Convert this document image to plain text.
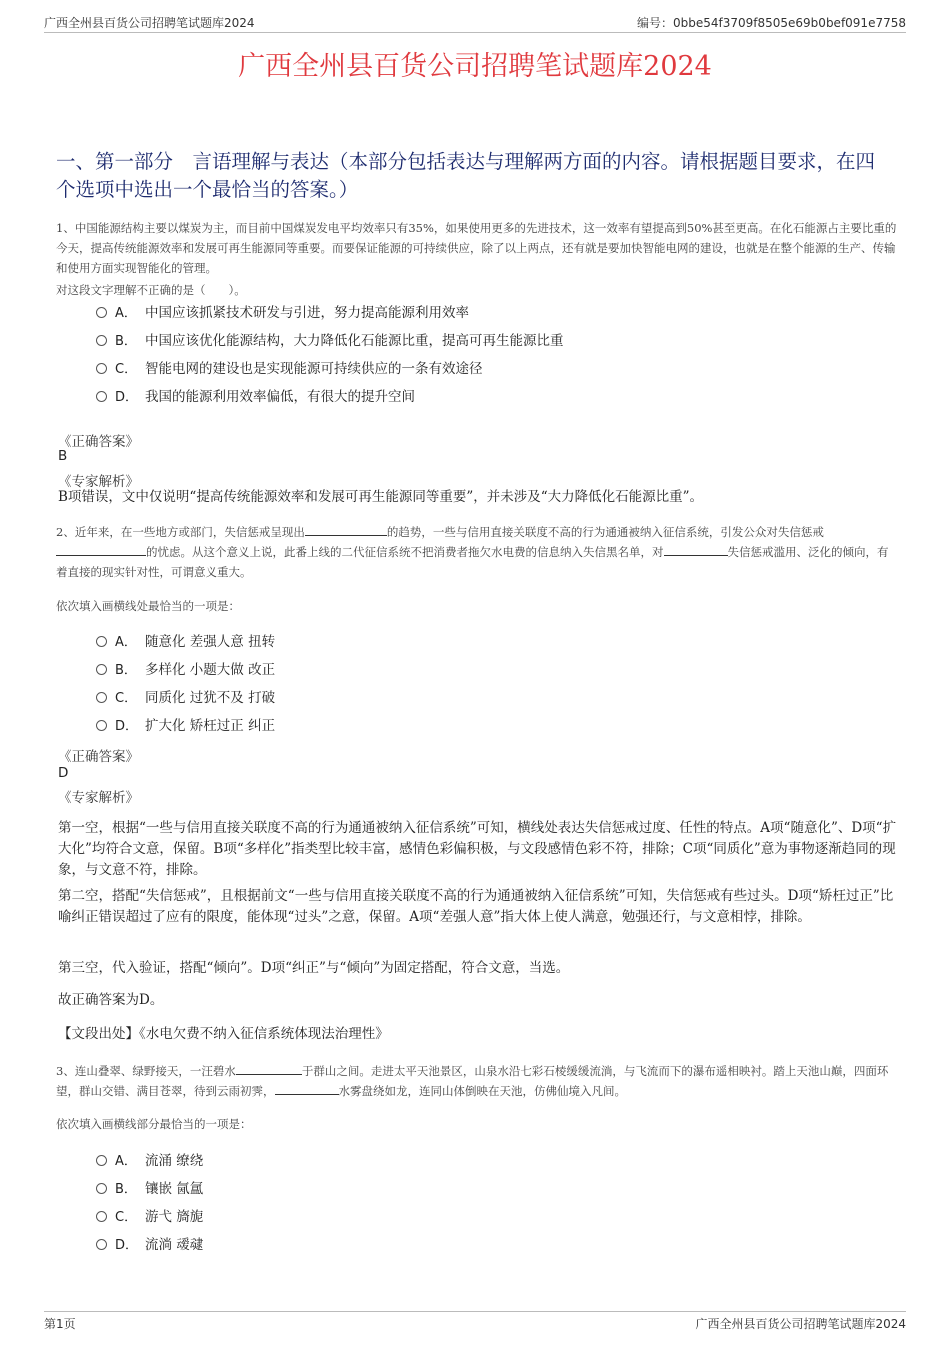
广西全州县百货公司招聘笔试题库2024	编号：0bbe54f3709f8505e69b0bef091e7758
广西全州县百货公司招聘笔试题库2024
一、第一部分　言语理解与表达（本部分包括表达与理解两方面的内容。请根据题目要求，在四个选项中选出一个最恰当的答案。）
1、中国能源结构主要以煤炭为主，而目前中国煤炭发电平均效率只有35%，如果使用更多的先进技术，这一效率有望提高到50%甚至更高。在化石能源占主要比重的今天，提高传统能源效率和发展可再生能源同等重要。而要保证能源的可持续供应，除了以上两点，还有就是要加快智能电网的建设，也就是在整个能源的生产、传输和使用方面实现智能化的管理。
对这段文字理解不正确的是（　　）。
A． 中国应该抓紧技术研发与引进，努力提高能源利用效率
B． 中国应该优化能源结构，大力降低化石能源比重，提高可再生能源比重
C． 智能电网的建设也是实现能源可持续供应的一条有效途径
D． 我国的能源利用效率偏低，有很大的提升空间
《正确答案》
B
《专家解析》
B项错误，文中仅说明“提高传统能源效率和发展可再生能源同等重要”，并未涉及“大力降低化石能源比重”。
2、近年来，在一些地方或部门，失信惩戒呈现出	的趋势，一些与信用直接关联度不高的行为通通被纳入征信系统，引发公众对失信惩戒的忧虑。从这个意义上说，此番上线的二代征信系统不把消费者拖欠水电费的信息纳入失信黑名单，对	失信惩戒滥用、泛化的倾向，有着直接的现实针对性，可谓意义重大。
依次填入画横线处最恰当的一项是：
A． 随意化 差强人意 扭转
B． 多样化 小题大做 改正
C． 同质化 过犹不及 打破
D． 扩大化 矫枉过正 纠正
《正确答案》
D
《专家解析》
第一空，根据“一些与信用直接关联度不高的行为通通被纳入征信系统”可知，横线处表达失信惩戒过度、任性的特点。A项“随意化”、D项“扩大化”均符合文意，保留。B项“多样化”指类型比较丰富，感情色彩偏积极，与文段感情色彩不符，排除；C项“同质化”意为事物逐渐趋同的现象，与文意不符，排除。
第二空，搭配“失信惩戒”，且根据前文“一些与信用直接关联度不高的行为通通被纳入征信系统”可知，失信惩戒有些过头。D项“矫枉过正”比喻纠正错误超过了应有的限度，能体现“过头”之意，保留。A项“差强人意”指大体上使人满意，勉强还行，与文意相悖，排除。
第三空，代入验证，搭配“倾向”。D项“纠正”与“倾向”为固定搭配，符合文意，当选。
故正确答案为D。
【文段出处】《水电欠费不纳入征信系统体现法治理性》
3、连山叠翠、绿野接天，一汪碧水	于群山之间。走进太平天池景区，山泉水沿七彩石棱缓缓流淌，与飞流而下的瀑布遥相映衬。踏上天池山巅，四面环望，群山交错、满目苍翠，待到云雨初霁，	水雾盘绕如龙，连同山体倒映在天池，仿佛仙境入凡间。
依次填入画横线部分最恰当的一项是：
A． 流涌 缭绕
B． 镶嵌 氤氲
C． 游弋 旖旎
D． 流淌 叆叇
第1页	广西全州县百货公司招聘笔试题库2024
